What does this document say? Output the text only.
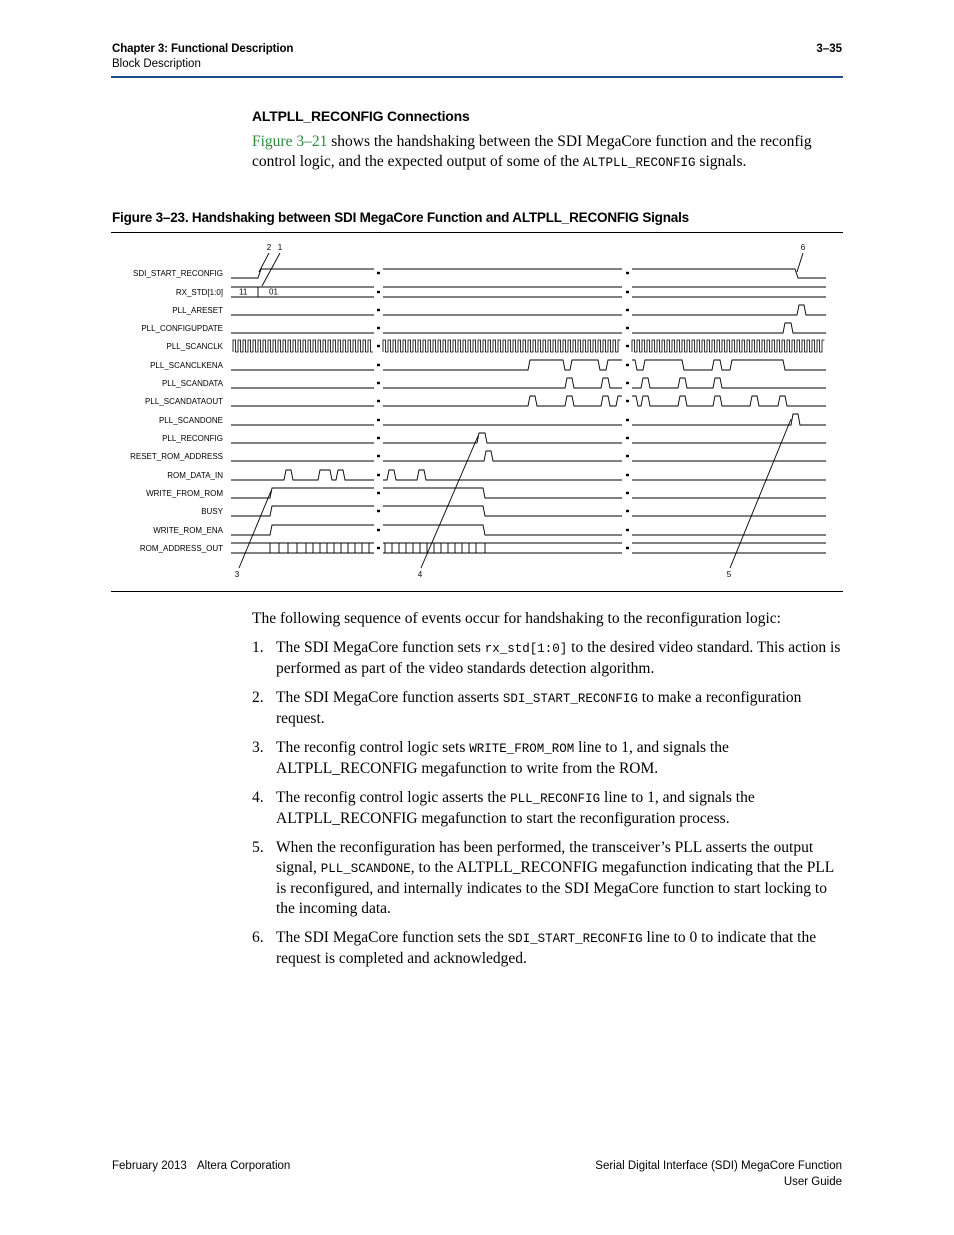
Chapter 3: Functional Description
Block Description
3–35
ALTPLL_RECONFIG Connections
Figure 3–21 shows the handshaking between the SDI MegaCore function and the reconfig control logic, and the expected output of some of the ALTPLL_RECONFIG signals.
Figure 3–23. Handshaking between SDI MegaCore Function and ALTPLL_RECONFIG Signals
SDI_START_RECONFIG
RX_STD[1:0]
PLL_ARESET
PLL_CONFIGUPDATE
PLL_SCANCLK
PLL_SCANCLKENA
PLL_SCANDATA
PLL_SCANDATAOUT
PLL_SCANDONE
PLL_RECONFIG
RESET_ROM_ADDRESS
ROM_DATA_IN
WRITE_FROM_ROM
BUSY
WRITE_ROM_ENA
ROM_ADDRESS_OUT
11	01
1
2
3	4	5
6
The following sequence of events occur for handshaking to the reconfiguration logic:
1. The SDI MegaCore function sets rx_std[1:0] to the desired video standard. This action is performed as part of the video standards detection algorithm.
2. The SDI MegaCore function asserts SDI_START_RECONFIG to make a reconfiguration request.
3. The reconfig control logic sets WRITE_FROM_ROM line to 1, and signals the ALTPLL_RECONFIG megafunction to write from the ROM.
4. The reconfig control logic asserts the PLL_RECONFIG line to 1, and signals the ALTPLL_RECONFIG megafunction to start the reconfiguration process.
5. When the reconfiguration has been performed, the transceiver’s PLL asserts the output signal, PLL_SCANDONE, to the ALTPLL_RECONFIG megafunction indicating that the PLL is reconfigured, and internally indicates to the SDI MegaCore function to start locking to the incoming data.
6. The SDI MegaCore function sets the SDI_START_RECONFIG line to 0 to indicate that the request is completed and acknowledged.
February 2013 Altera Corporation	Serial Digital Interface (SDI) MegaCore Function
User Guide
